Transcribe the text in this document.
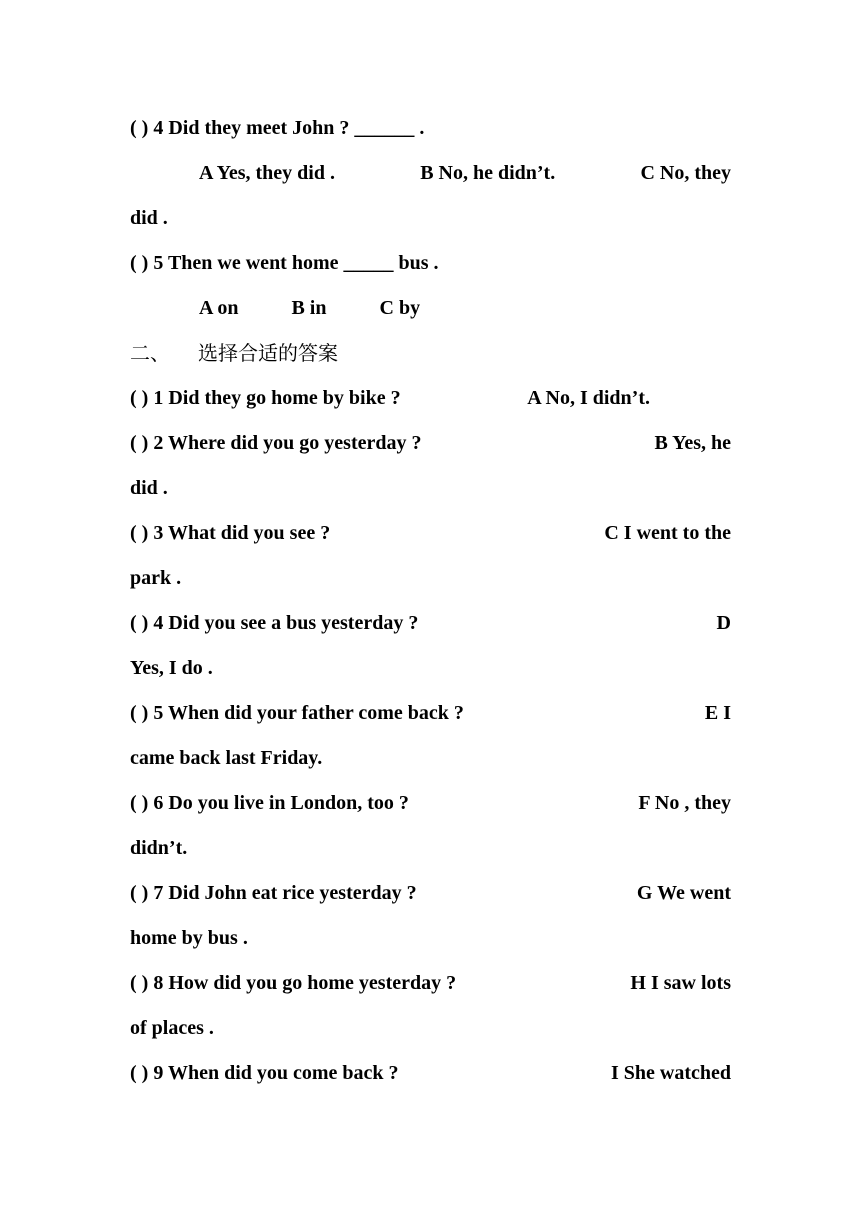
( ) 4 Did they meet John ? ______ .
A Yes, they did .	B No, he didn’t.	C No, they
did .
( ) 5 Then we went home _____ bus .
A on	B in	C by
二、 选择合适的答案
( ) 1 Did they go home by bike ?	A No, I didn’t.
( ) 2 Where did you go yesterday ?	B Yes, he
did .
( ) 3 What did you see ?	C I went to the
park .
( ) 4 Did you see a bus yesterday ?	D
Yes, I do .
( ) 5 When did your father come back ?	E I
came back last Friday.
( ) 6 Do you live in London, too ?	F No , they
didn’t.
( ) 7 Did John eat rice yesterday ?	G We went
home by bus .
( ) 8 How did you go home yesterday ?	H I saw lots
of places .
( ) 9 When did you come back ?	I She watched
